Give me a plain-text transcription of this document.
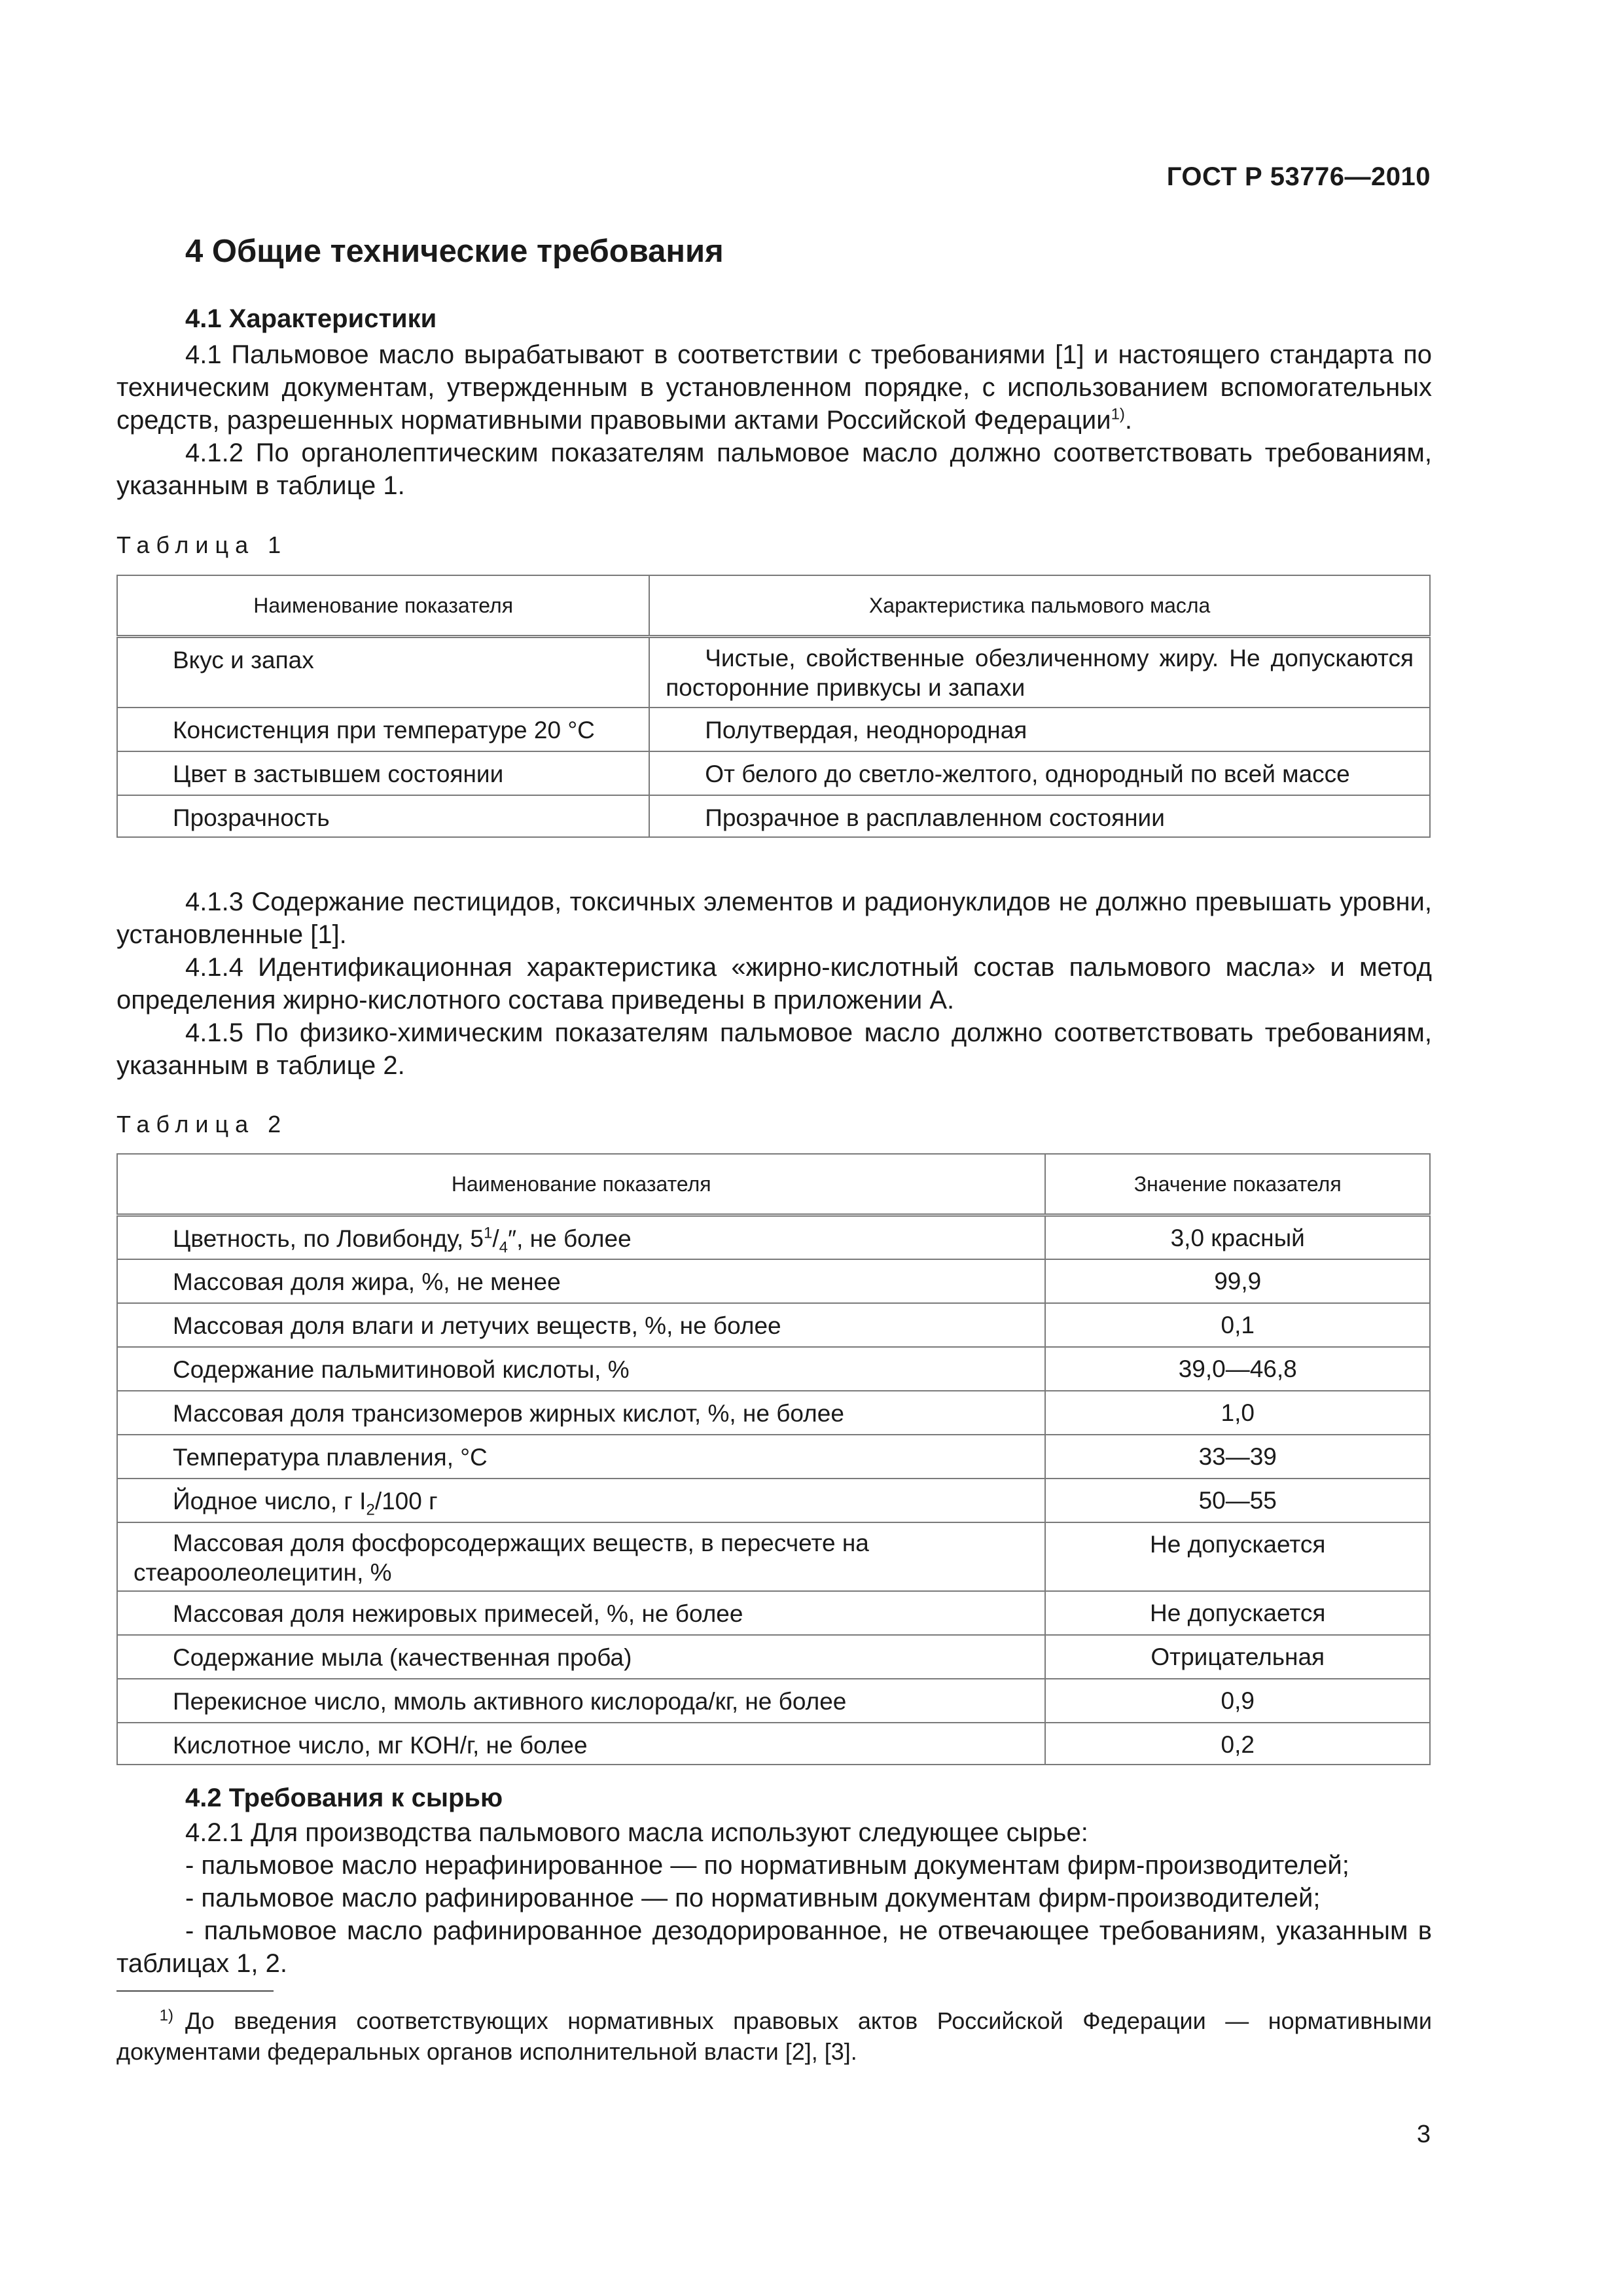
ГОСТ Р 53776—2010
4 Общие технические требования
4.1 Характеристики
4.1 Пальмовое масло вырабатывают в соответствии с требованиями [1] и настоящего стандарта по техническим документам, утвержденным в установленном порядке, с использованием вспомогательных средств, разрешенных нормативными правовыми актами Российской Федерации$^{1)}$.
4.1.2 По органолептическим показателям пальмовое масло должно соответствовать требованиям, указанным в таблице 1.
Таблица 1
Наименование показателя	Характеристика пальмового масла
Вкус и запах	Чистые, свойственные обезличенному жиру. Не допускаются посторонние привкусы и запахи
Консистенция при температуре 20 °С	Полутвердая, неоднородная
Цвет в застывшем состоянии	От белого до светло-желтого, однородный по всей массе
Прозрачность	Прозрачное в расплавленном состоянии
4.1.3 Содержание пестицидов, токсичных элементов и радионуклидов не должно превышать уровни, установленные [1].
4.1.4 Идентификационная характеристика «жирно-кислотный состав пальмового масла» и метод определения жирно-кислотного состава приведены в приложении А.
4.1.5 По физико-химическим показателям пальмовое масло должно соответствовать требованиям, указанным в таблице 2.
Таблица 2
Наименование показателя	Значение показателя
Цветность, по Ловибонду, $5^1/_4''$, не более	3,0 красный
Массовая доля жира, %, не менее	99,9
Массовая доля влаги и летучих веществ, %, не более	0,1
Содержание пальмитиновой кислоты, %	39,0—46,8
Массовая доля трансизомеров жирных кислот, %, не более	1,0
Температура плавления, °С	33—39
Йодное число, г $I_2/100$ г	50—55
Массовая доля фосфорсодержащих веществ, в пересчете на стеароолеолецитин, %	Не допускается
Массовая доля нежировых примесей, %, не более	Не допускается
Содержание мыла (качественная проба)	Отрицательная
Перекисное число, ммоль активного кислорода/кг, не более	0,9
Кислотное число, мг КОН/г, не более	0,2
4.2 Требования к сырью
4.2.1 Для производства пальмового масла используют следующее сырье:
- пальмовое масло нерафинированное — по нормативным документам фирм-производителей;
- пальмовое масло рафинированное — по нормативным документам фирм-производителей;
- пальмовое масло рафинированное дезодорированное, не отвечающее требованиям, указанным в таблицах 1, 2.
$^{1)}$ До введения соответствующих нормативных правовых актов Российской Федерации — нормативными документами федеральных органов исполнительной власти [2], [3].
3
